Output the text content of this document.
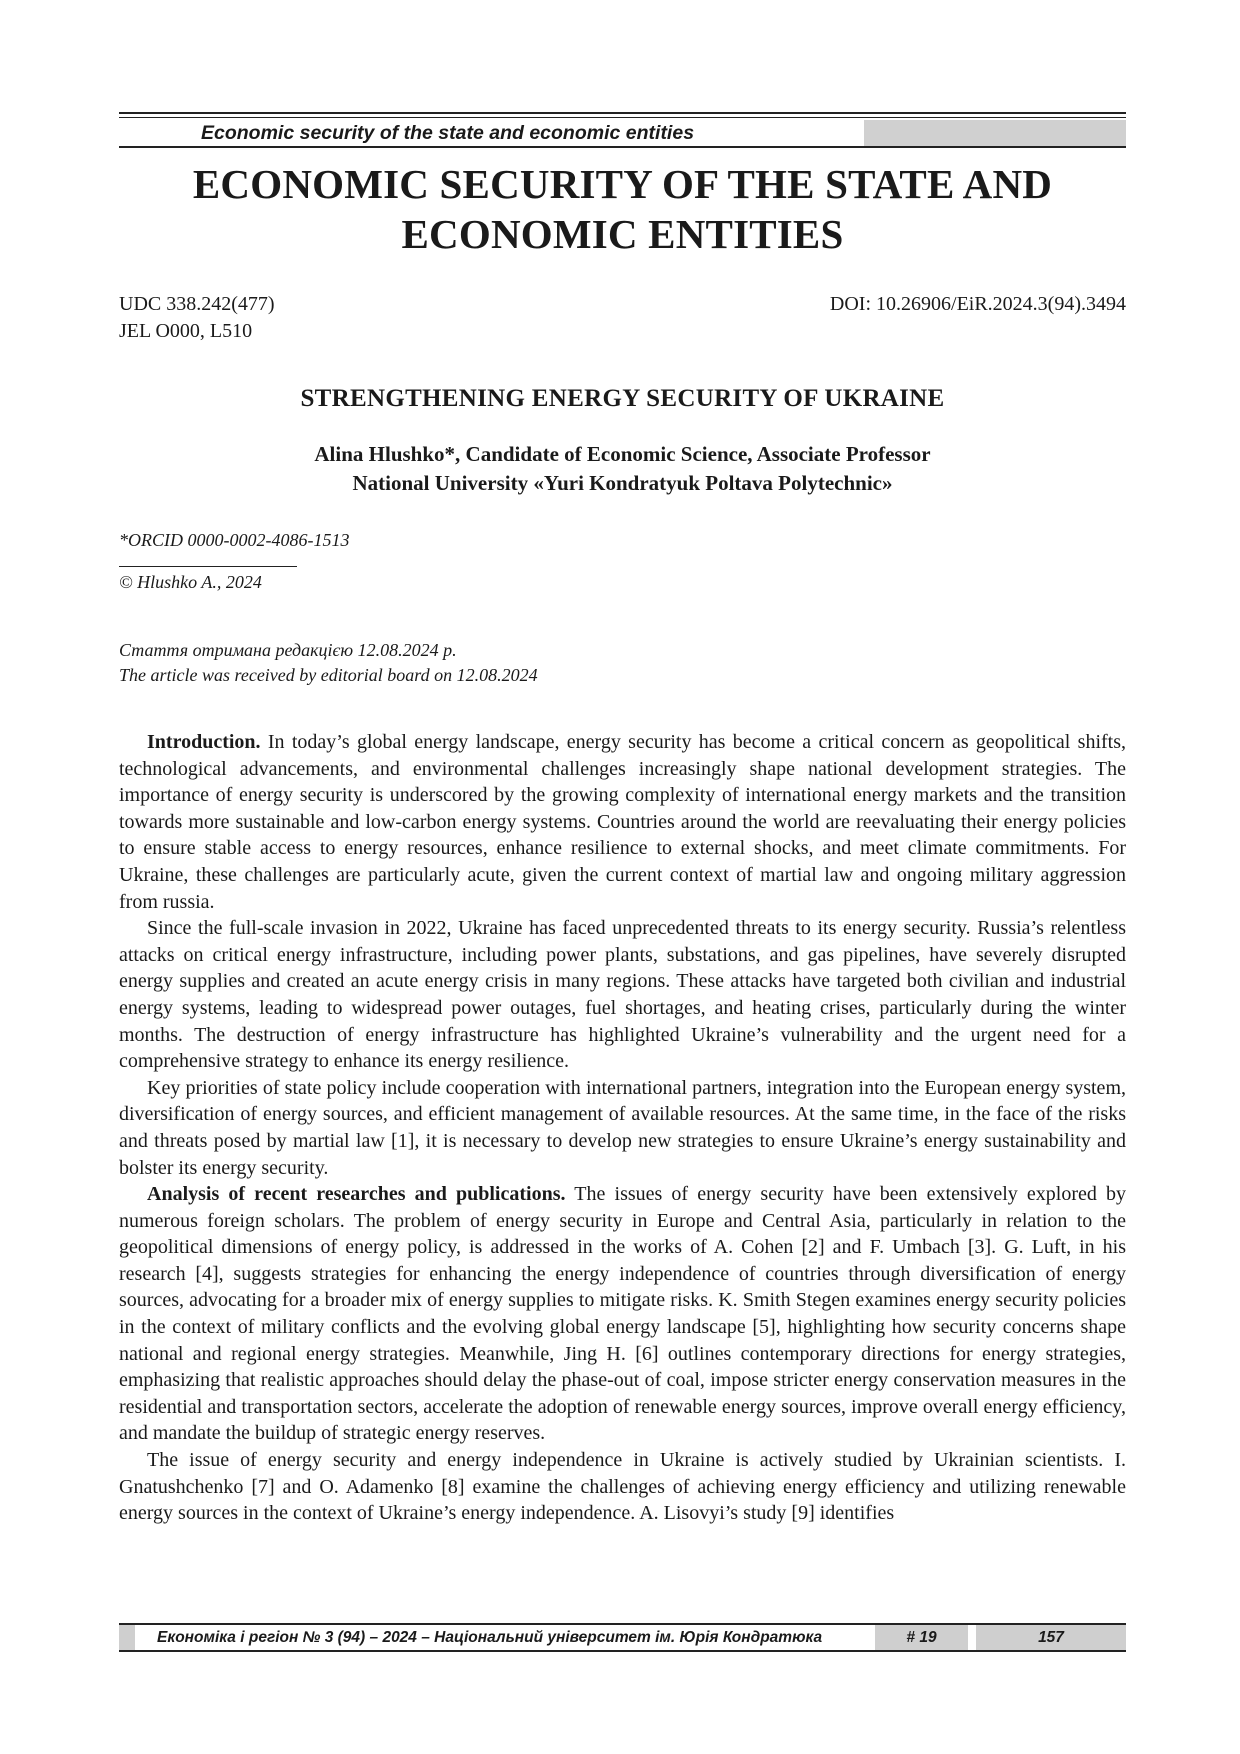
Economic security of the state and economic entities
ECONOMIC SECURITY OF THE STATE AND ECONOMIC ENTITIES
UDC 338.242(477)
JEL O000, L510
DOI: 10.26906/EiR.2024.3(94).3494
STRENGTHENING ENERGY SECURITY OF UKRAINE
Alina Hlushko*, Candidate of Economic Science, Associate Professor
National University «Yuri Kondratyuk Poltava Polytechnic»
*ORCID 0000-0002-4086-1513
© Hlushko A., 2024
Стаття отримана редакцією 12.08.2024 р.
The article was received by editorial board on 12.08.2024

Introduction. In today’s global energy landscape, energy security has become a critical concern as geopolitical shifts, technological advancements, and environmental challenges increasingly shape national development strategies. The importance of energy security is underscored by the growing complexity of international energy markets and the transition towards more sustainable and low-carbon energy systems. Countries around the world are reevaluating their energy policies to ensure stable access to energy resources, enhance resilience to external shocks, and meet climate commitments. For Ukraine, these challenges are particularly acute, given the current context of martial law and ongoing military aggression from russia.

Since the full-scale invasion in 2022, Ukraine has faced unprecedented threats to its energy security. Russia’s relentless attacks on critical energy infrastructure, including power plants, substations, and gas pipelines, have severely disrupted energy supplies and created an acute energy crisis in many regions. These attacks have targeted both civilian and industrial energy systems, leading to widespread power outages, fuel shortages, and heating crises, particularly during the winter months. The destruction of energy infrastructure has highlighted Ukraine’s vulnerability and the urgent need for a comprehensive strategy to enhance its energy resilience.

Key priorities of state policy include cooperation with international partners, integration into the European energy system, diversification of energy sources, and efficient management of available resources. At the same time, in the face of the risks and threats posed by martial law [1], it is necessary to develop new strategies to ensure Ukraine’s energy sustainability and bolster its energy security.

Analysis of recent researches and publications. The issues of energy security have been extensively explored by numerous foreign scholars. The problem of energy security in Europe and Central Asia, particularly in relation to the geopolitical dimensions of energy policy, is addressed in the works of A. Cohen [2] and F. Umbach [3]. G. Luft, in his research [4], suggests strategies for enhancing the energy independence of countries through diversification of energy sources, advocating for a broader mix of energy supplies to mitigate risks. K. Smith Stegen examines energy security policies in the context of military conflicts and the evolving global energy landscape [5], highlighting how security concerns shape national and regional energy strategies. Meanwhile, Jing H. [6] outlines contemporary directions for energy strategies, emphasizing that realistic approaches should delay the phase-out of coal, impose stricter energy conservation measures in the residential and transportation sectors, accelerate the adoption of renewable energy sources, improve overall energy efficiency, and mandate the buildup of strategic energy reserves.

The issue of energy security and energy independence in Ukraine is actively studied by Ukrainian scientists. I. Gnatushchenko [7] and O. Adamenko [8] examine the challenges of achieving energy efficiency and utilizing renewable energy sources in the context of Ukraine’s energy independence. A. Lisovyi’s study [9] identifies

Економіка і регіон № 3 (94) – 2024 – Національний університет ім. Юрія Кондратюка	# 19	157
